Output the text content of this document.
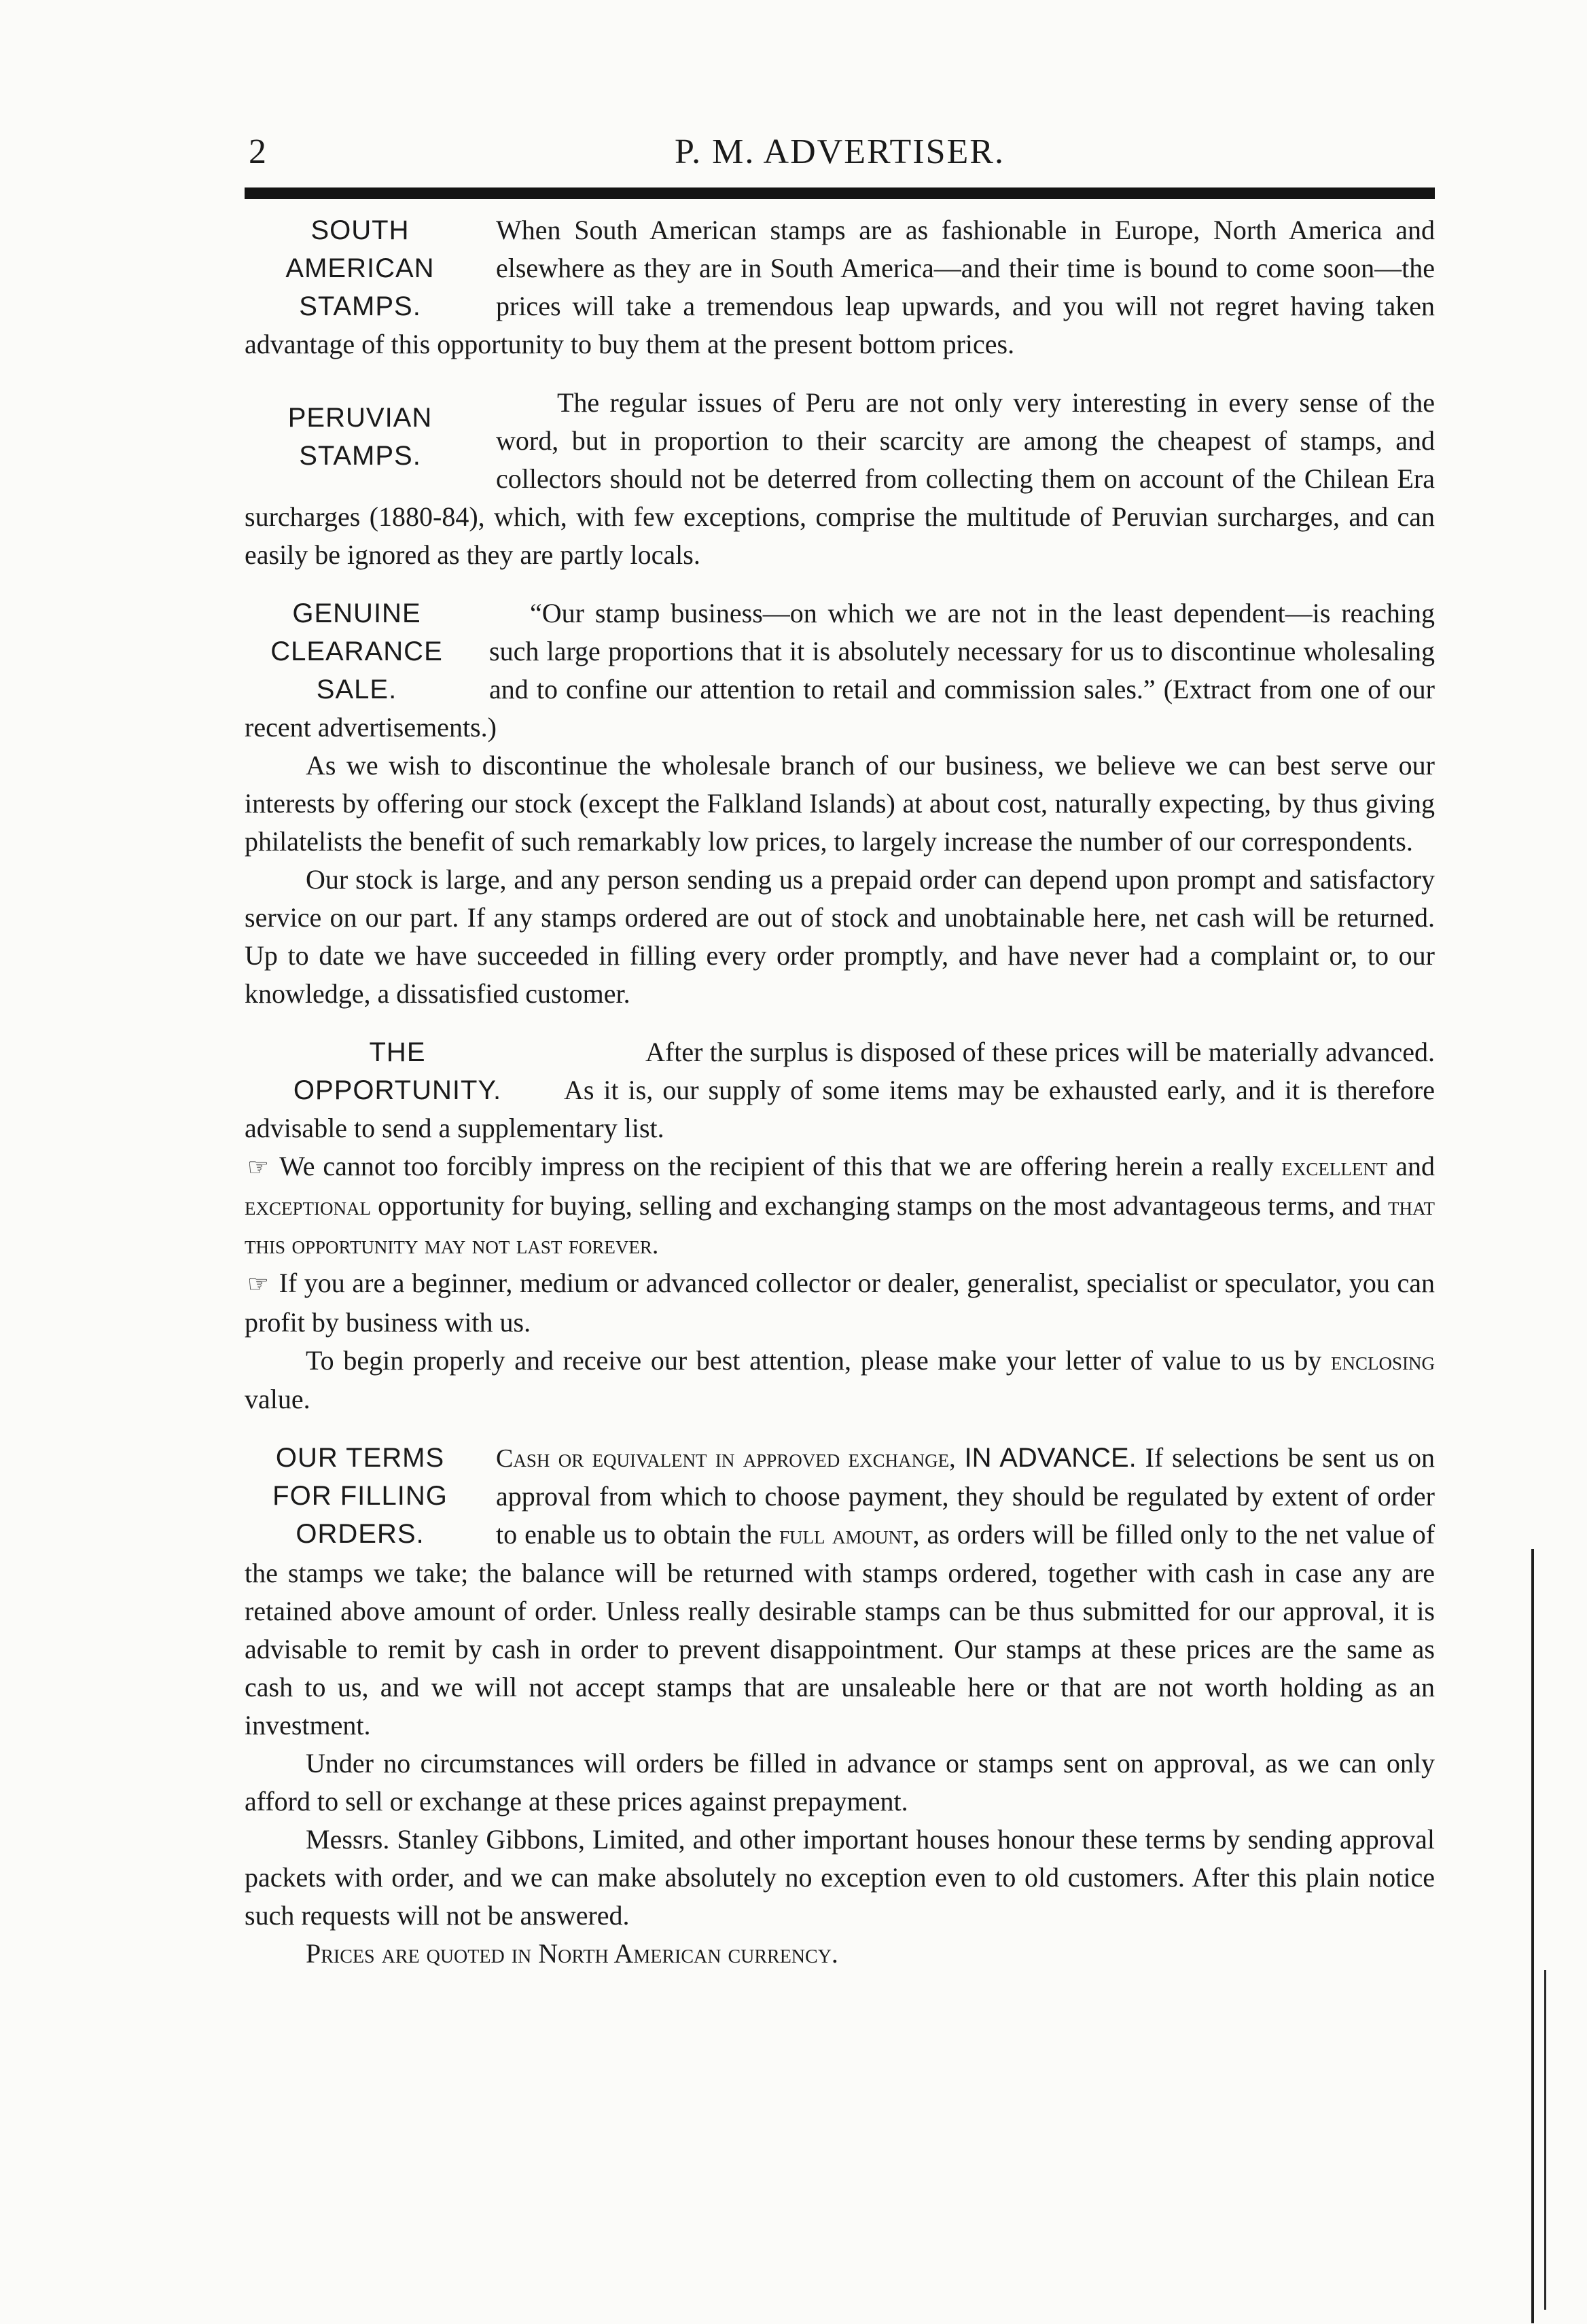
2	P. M. ADVERTISER.
SOUTH
AMERICAN
STAMPS.

When South American stamps are as fashionable in Europe, North America and elsewhere as they are in South America—and their time is bound to come soon—the prices will take a tremendous leap upwards, and you will not regret having taken advantage of this opportunity to buy them at the present bottom prices.

PERUVIAN
STAMPS.

The regular issues of Peru are not only very interesting in every sense of the word, but in proportion to their scarcity are among the cheapest of stamps, and collectors should not be deterred from collecting them on account of the Chilean Era surcharges (1880-84), which, with few exceptions, comprise the multitude of Peruvian surcharges, and can easily be ignored as they are partly locals.

GENUINE
CLEARANCE
SALE.

“Our stamp business—on which we are not in the least dependent—is reaching such large proportions that it is absolutely necessary for us to discontinue wholesaling and to confine our attention to retail and commission sales.” (Extract from one of our recent advertisements.)

As we wish to discontinue the wholesale branch of our business, we believe we can best serve our interests by offering our stock (except the Falkland Islands) at about cost, naturally expecting, by thus giving philatelists the benefit of such remarkably low prices, to largely increase the number of our correspondents.

Our stock is large, and any person sending us a prepaid order can depend upon prompt and satisfactory service on our part. If any stamps ordered are out of stock and unobtainable here, net cash will be returned. Up to date we have succeeded in filling every order promptly, and have never had a complaint or, to our knowledge, a dissatisfied customer.

THE
OPPORTUNITY.

After the surplus is disposed of these prices will be materially advanced. As it is, our supply of some items may be exhausted early, and it is therefore advisable to send a supplementary list.

☞ We cannot too forcibly impress on the recipient of this that we are offering herein a really excellent and exceptional opportunity for buying, selling and exchanging stamps on the most advantageous terms, and that this opportunity may not last forever.

☞ If you are a beginner, medium or advanced collector or dealer, generalist, specialist or speculator, you can profit by business with us.

To begin properly and receive our best attention, please make your letter of value to us by enclosing value.

OUR TERMS
FOR FILLING
ORDERS.

Cash or equivalent in approved exchange, IN ADVANCE. If selections be sent us on approval from which to choose payment, they should be regulated by extent of order to enable us to obtain the full amount, as orders will be filled only to the net value of the stamps we take; the balance will be returned with stamps ordered, together with cash in case any are retained above amount of order. Unless really desirable stamps can be thus submitted for our approval, it is advisable to remit by cash in order to prevent disappointment. Our stamps at these prices are the same as cash to us, and we will not accept stamps that are unsaleable here or that are not worth holding as an investment.

Under no circumstances will orders be filled in advance or stamps sent on approval, as we can only afford to sell or exchange at these prices against prepayment.

Messrs. Stanley Gibbons, Limited, and other important houses honour these terms by sending approval packets with order, and we can make absolutely no exception even to old customers. After this plain notice such requests will not be answered.

Prices are quoted in North American currency.
